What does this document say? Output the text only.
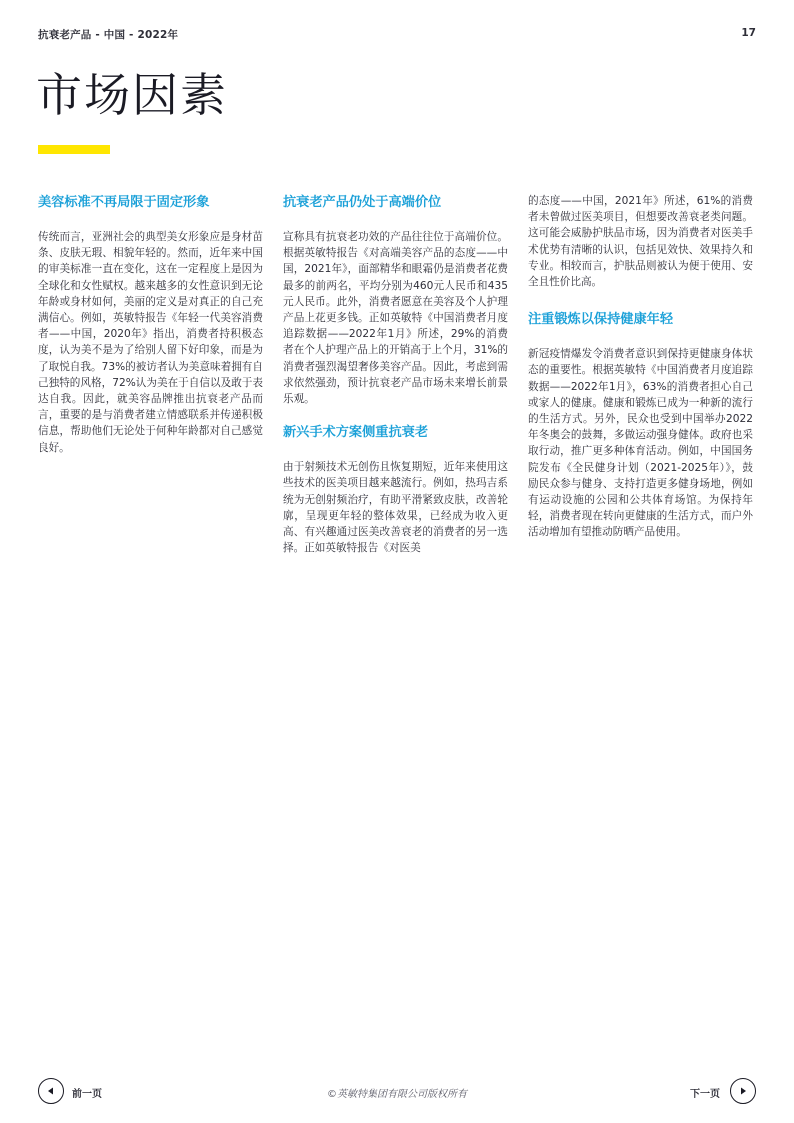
抗衰老产品 - 中国 - 2022年	17
市场因素
美容标准不再局限于固定形象

传统而言，亚洲社会的典型美女形象应是身材苗条、皮肤无瑕、相貌年轻的。然而，近年来中国的审美标准一直在变化，这在一定程度上是因为全球化和女性赋权。越来越多的女性意识到无论年龄或身材如何，美丽的定义是对真正的自己充满信心。例如，英敏特报告《年轻一代美容消费者——中国，2020年》指出，消费者持积极态度，认为美不是为了给别人留下好印象，而是为了取悦自我。73%的被访者认为美意味着拥有自己独特的风格，72%认为美在于自信以及敢于表达自我。因此，就美容品牌推出抗衰老产品而言，重要的是与消费者建立情感联系并传递积极信息，帮助他们无论处于何种年龄都对自己感觉良好。

抗衰老产品仍处于高端价位

宣称具有抗衰老功效的产品往往位于高端价位。根据英敏特报告《对高端美容产品的态度——中国，2021年》，面部精华和眼霜仍是消费者花费最多的前两名，平均分别为460元人民币和435元人民币。此外，消费者愿意在美容及个人护理产品上花更多钱。正如英敏特《中国消费者月度追踪数据——2022年1月》所述，29%的消费者在个人护理产品上的开销高于上个月，31%的消费者强烈渴望奢侈美容产品。因此，考虑到需求依然强劲，预计抗衰老产品市场未来增长前景乐观。

新兴手术方案侧重抗衰老

由于射频技术无创伤且恢复期短，近年来使用这些技术的医美项目越来越流行。例如，热玛吉系统为无创射频治疗，有助平滑紧致皮肤，改善轮廓，呈现更年轻的整体效果，已经成为收入更高、有兴趣通过医美改善衰老的消费者的另一选择。正如英敏特报告《对医美

的态度——中国，2021年》所述，61%的消费者未曾做过医美项目，但想要改善衰老类问题。这可能会威胁护肤品市场，因为消费者对医美手术优势有清晰的认识，包括见效快、效果持久和专业。相较而言，护肤品则被认为便于使用、安全且性价比高。

注重锻炼以保持健康年轻

新冠疫情爆发令消费者意识到保持更健康身体状态的重要性。根据英敏特《中国消费者月度追踪数据——2022年1月》，63%的消费者担心自己或家人的健康。健康和锻炼已成为一种新的流行的生活方式。另外，民众也受到中国举办2022年冬奥会的鼓舞，多做运动强身健体。政府也采取行动，推广更多种体育活动。例如，中国国务院发布《全民健身计划（2021-2025年）》，鼓励民众参与健身、支持打造更多健身场地，例如有运动设施的公园和公共体育场馆。为保持年轻，消费者现在转向更健康的生活方式，而户外活动增加有望推动防晒产品使用。

前一页	©英敏特集团有限公司版权所有	下一页
